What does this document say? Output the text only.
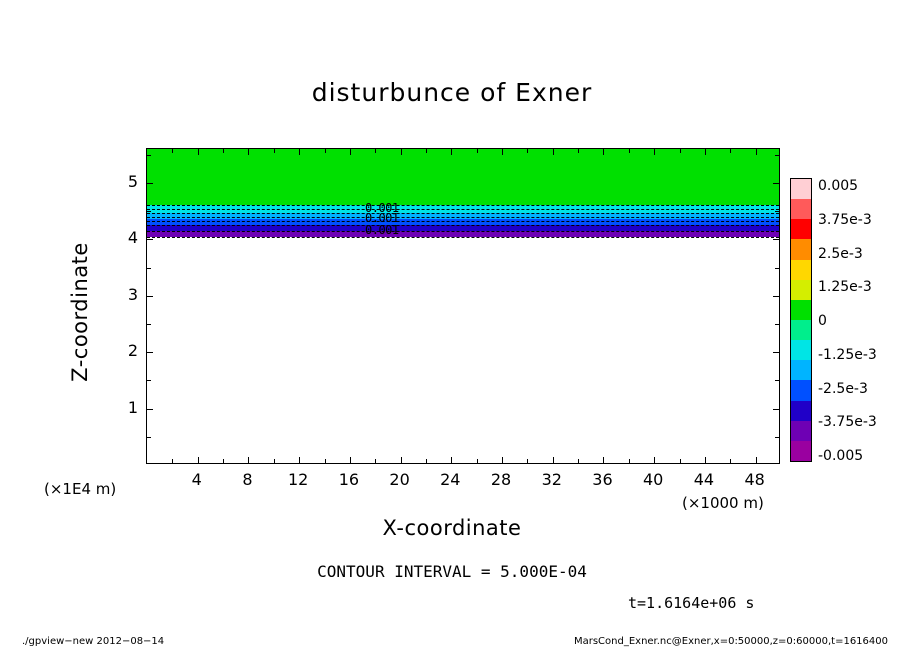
disturbunce of Exner
Z-coordinate
X-coordinate
(×1E4 m)
(×1000 m)
0.001
0.001
0.001
4	8	12	16	20	24	28	32	36	40	44	48
1
2
3
4
5	0.005
3.75e-3
2.5e-3
1.25e-3
0
-1.25e-3
-2.5e-3
-3.75e-3
-0.005
CONTOUR INTERVAL = 5.000E-04
t=1.6164e+06 s
./gpview−new 2012−08−14	MarsCond_Exner.nc@Exner,x=0:50000,z=0:60000,t=1616400
